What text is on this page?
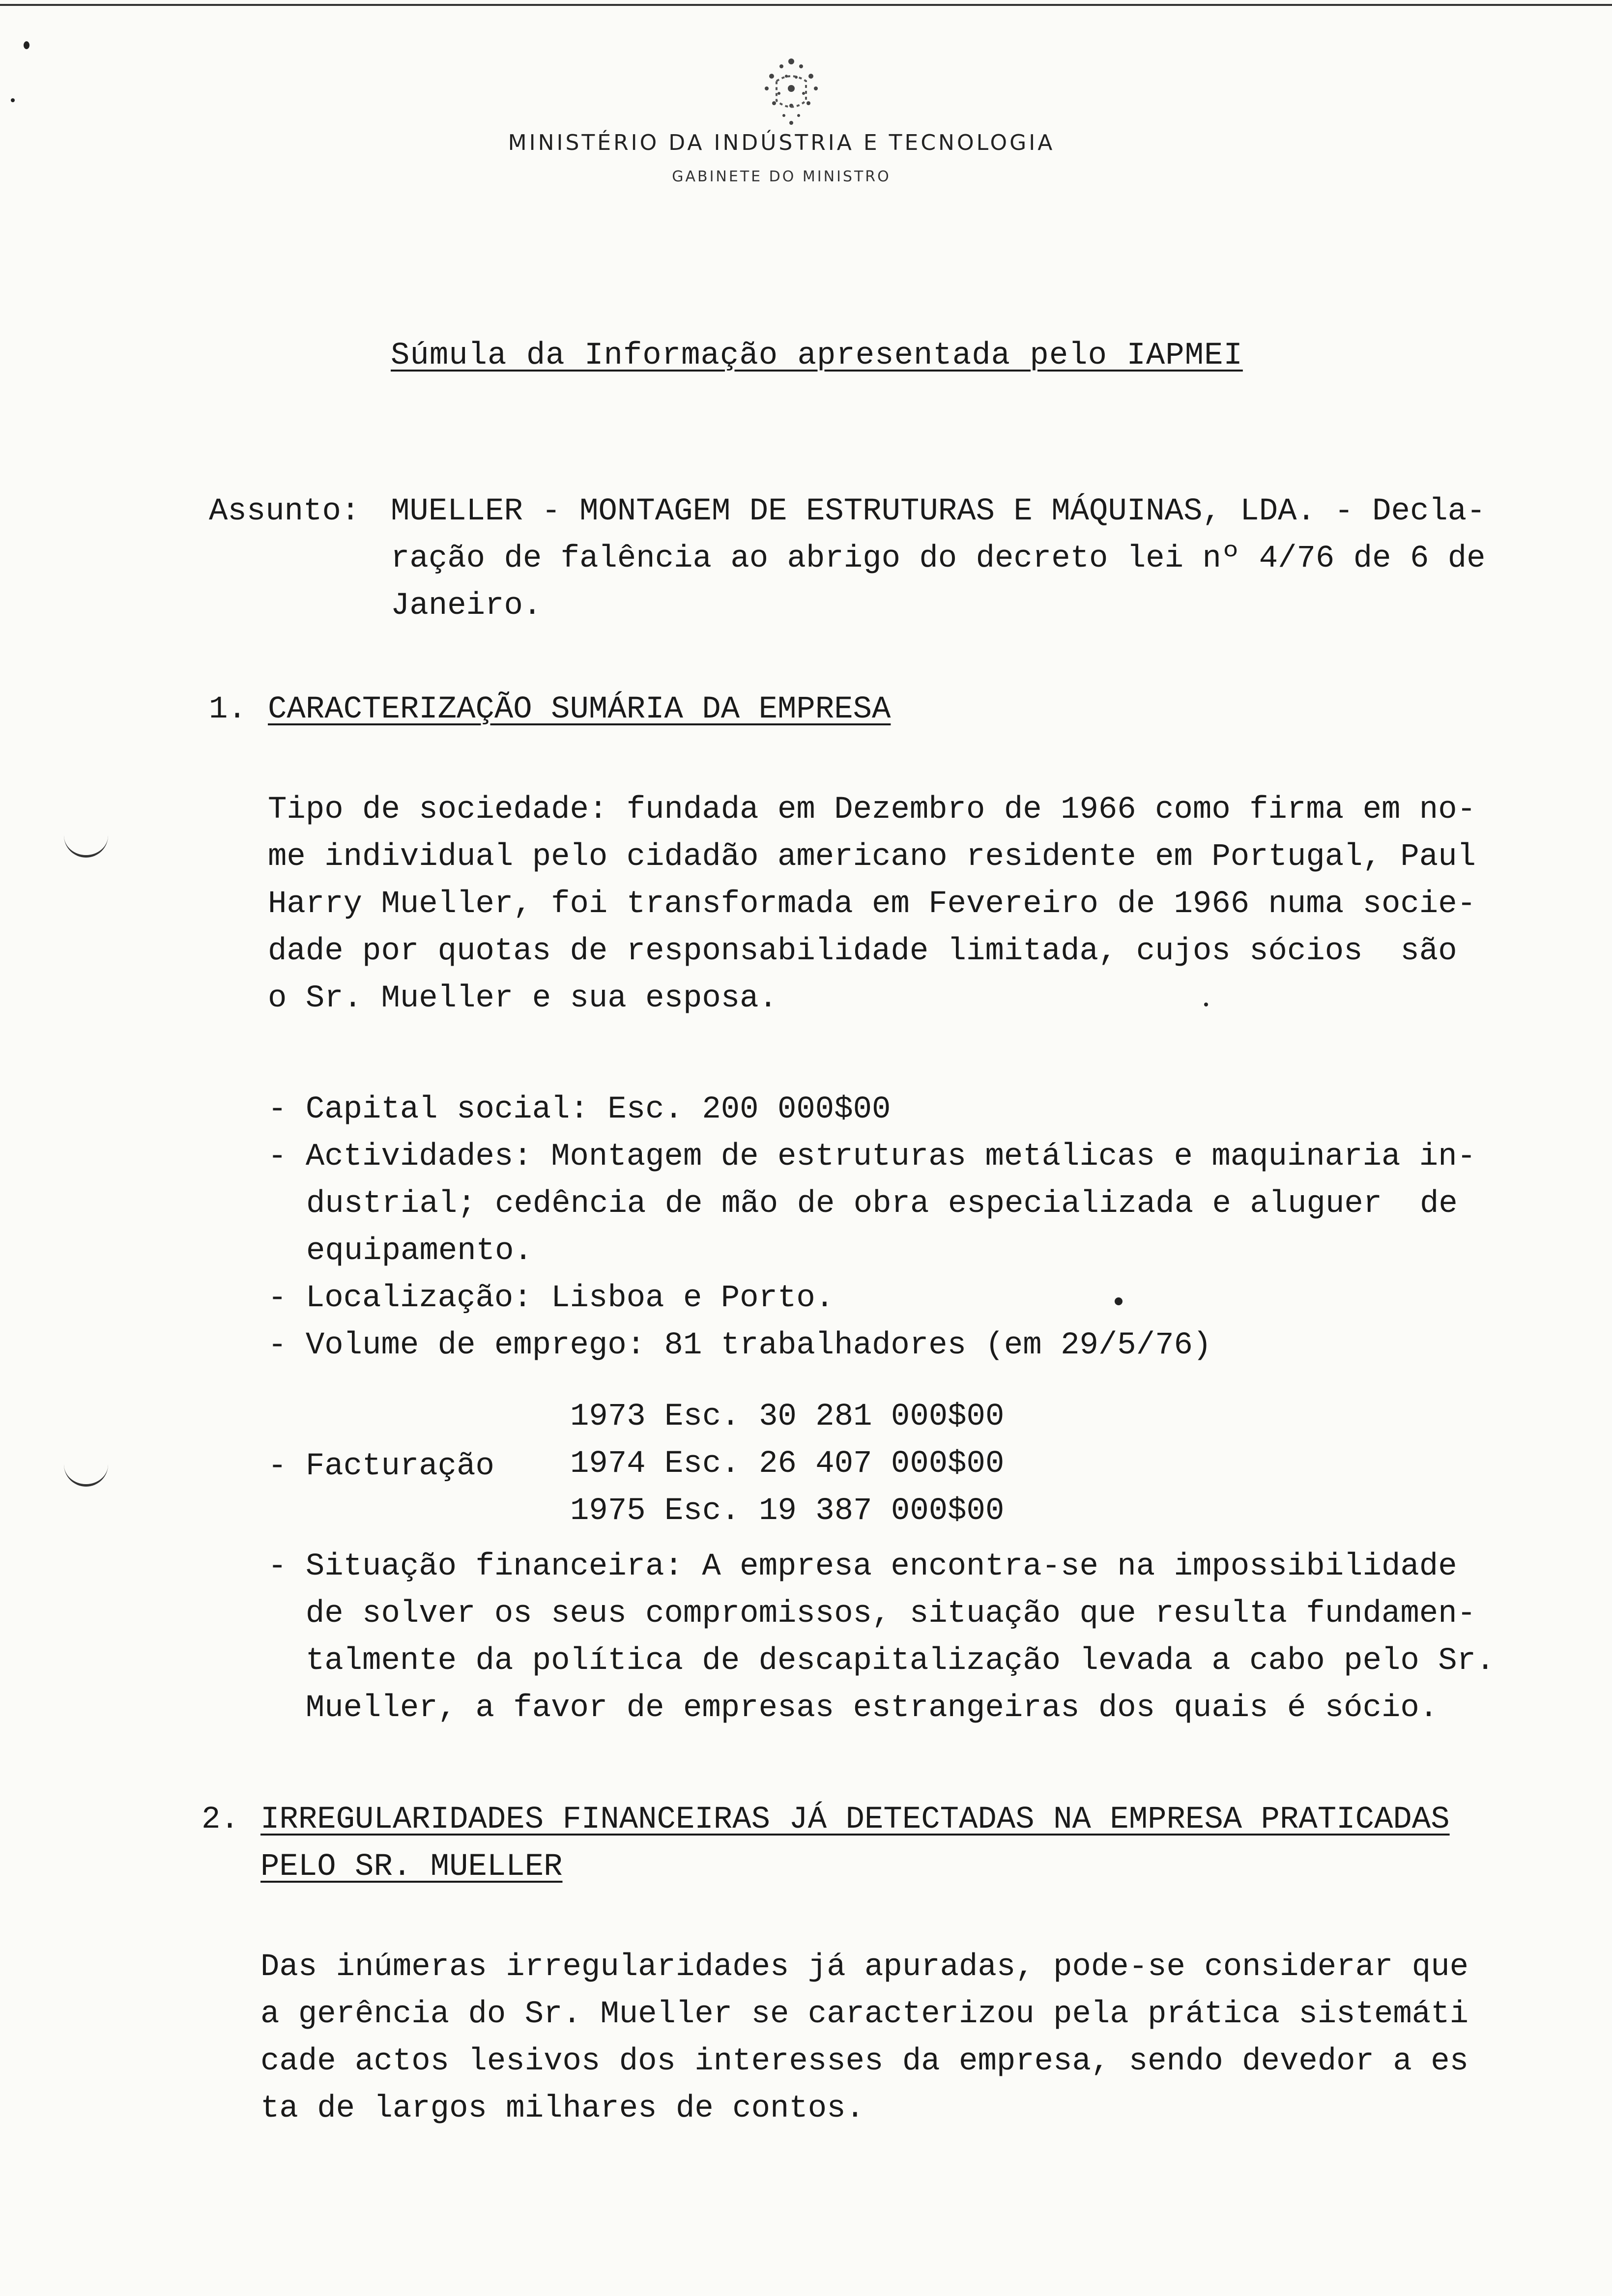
MINISTÉRIO DA INDÚSTRIA E TECNOLOGIA
GABINETE DO MINISTRO
Súmula da Informação apresentada pelo IAPMEI
Assunto: MUELLER - MONTAGEM DE ESTRUTURAS E MÁQUINAS, LDA. - Decla-
ração de falência ao abrigo do decreto lei nº 4/76 de 6 de
Janeiro.
1. CARACTERIZAÇÃO SUMÁRIA DA EMPRESA
Tipo de sociedade: fundada em Dezembro de 1966 como firma em no-
me individual pelo cidadão americano residente em Portugal, Paul
Harry Mueller, foi transformada em Fevereiro de 1966 numa socie-
dade por quotas de responsabilidade limitada, cujos sócios  são
o Sr. Mueller e sua esposa.
- Capital social: Esc. 200 000$00
- Actividades: Montagem de estruturas metálicas e maquinaria in-
dustrial; cedência de mão de obra especializada e aluguer  de
equipamento.
- Localização: Lisboa e Porto.
- Volume de emprego: 81 trabalhadores (em 29/5/76)
- Facturação
1973 Esc. 30 281 000$00
1974 Esc. 26 407 000$00
1975 Esc. 19 387 000$00
- Situação financeira: A empresa encontra-se na impossibilidade
de solver os seus compromissos, situação que resulta fundamen-
talmente da política de descapitalização levada a cabo pelo Sr.
Mueller, a favor de empresas estrangeiras dos quais é sócio.
2. IRREGULARIDADES FINANCEIRAS JÁ DETECTADAS NA EMPRESA PRATICADAS
PELO SR. MUELLER
Das inúmeras irregularidades já apuradas, pode-se considerar que
a gerência do Sr. Mueller se caracterizou pela prática sistemáti
cade actos lesivos dos interesses da empresa, sendo devedor a es
ta de largos milhares de contos.
